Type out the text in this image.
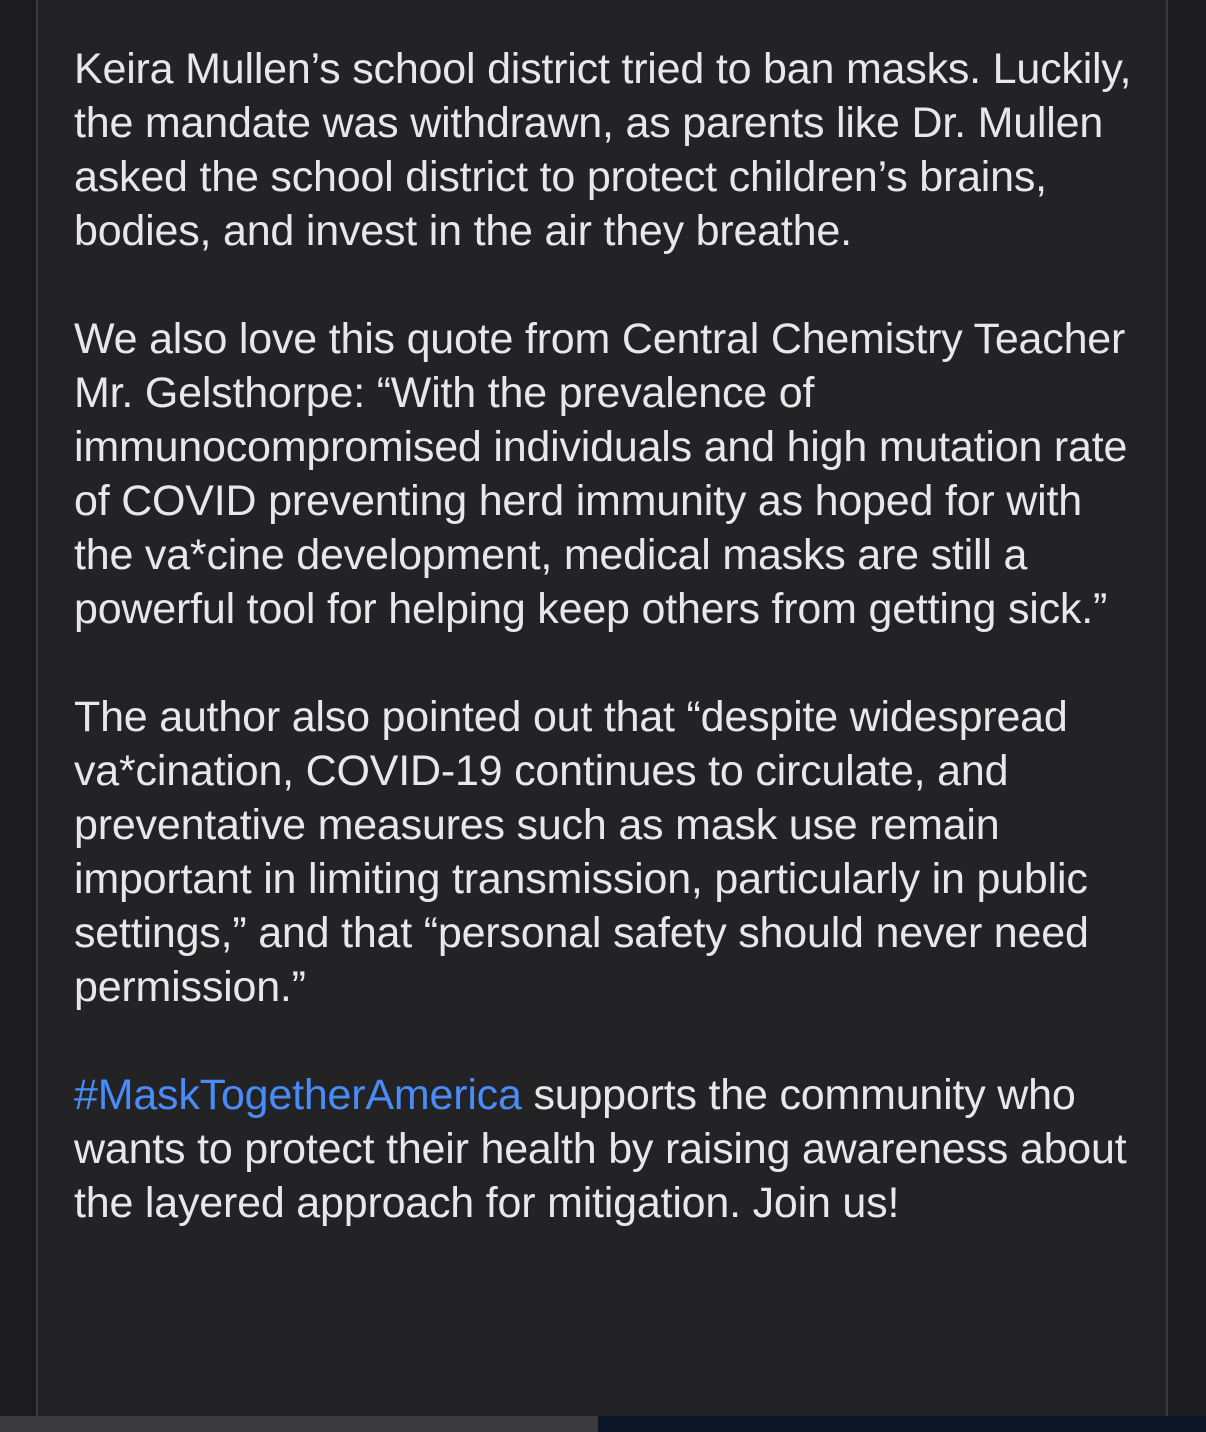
Keira Mullen’s school district tried to ban masks. Luckily, the mandate was withdrawn, as parents like Dr. Mullen asked the school district to protect children’s brains, bodies, and invest in the air they breathe.

We also love this quote from Central Chemistry Teacher Mr. Gelsthorpe: “With the prevalence of immunocompromised individuals and high mutation rate of COVID preventing herd immunity as hoped for with the va*cine development, medical masks are still a powerful tool for helping keep others from getting sick.”

The author also pointed out that “despite widespread va*cination, COVID-19 continues to circulate, and preventative measures such as mask use remain important in limiting transmission, particularly in public settings,” and that “personal safety should never need permission.”

#MaskTogetherAmerica supports the community who wants to protect their health by raising awareness about the layered approach for mitigation. Join us!
